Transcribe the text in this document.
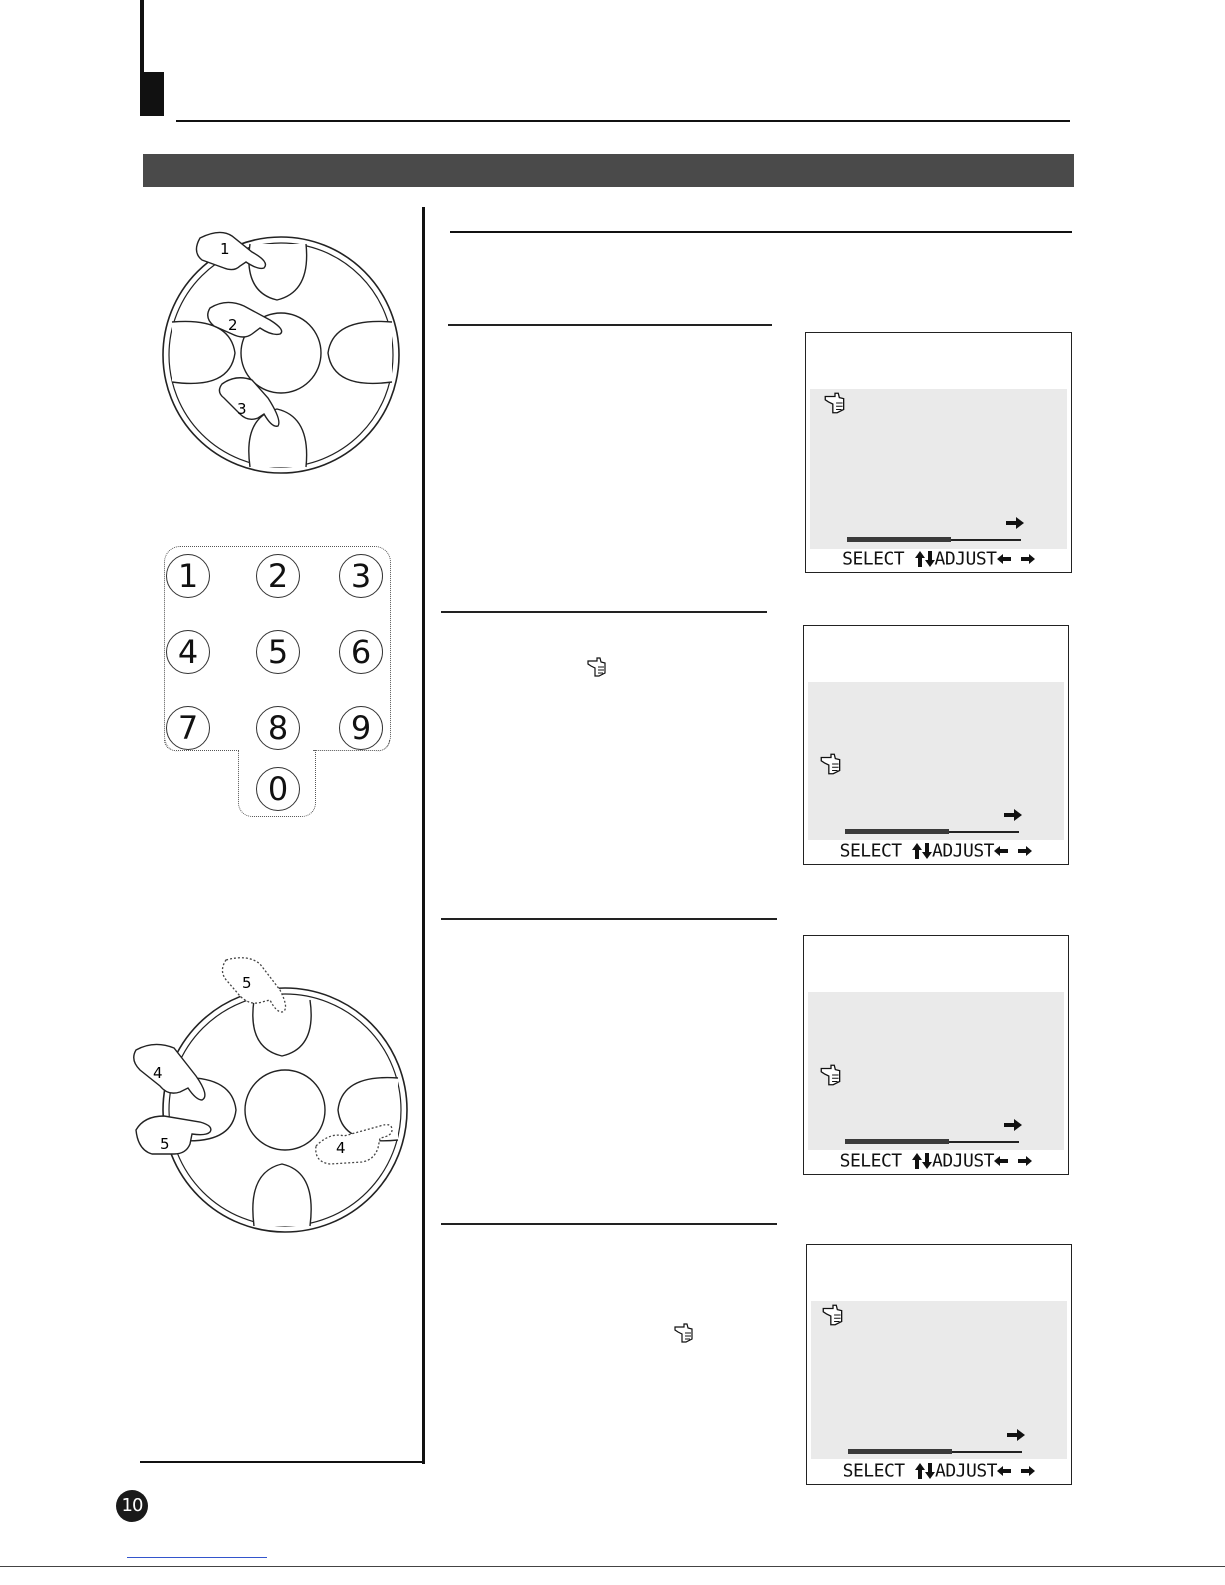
1
2
3
1	2	3
4	5	6
7	8	9
0
5
4
5	4
SELECT ADJUST
SELECT ADJUST
SELECT ADJUST
SELECT ADJUST
10
